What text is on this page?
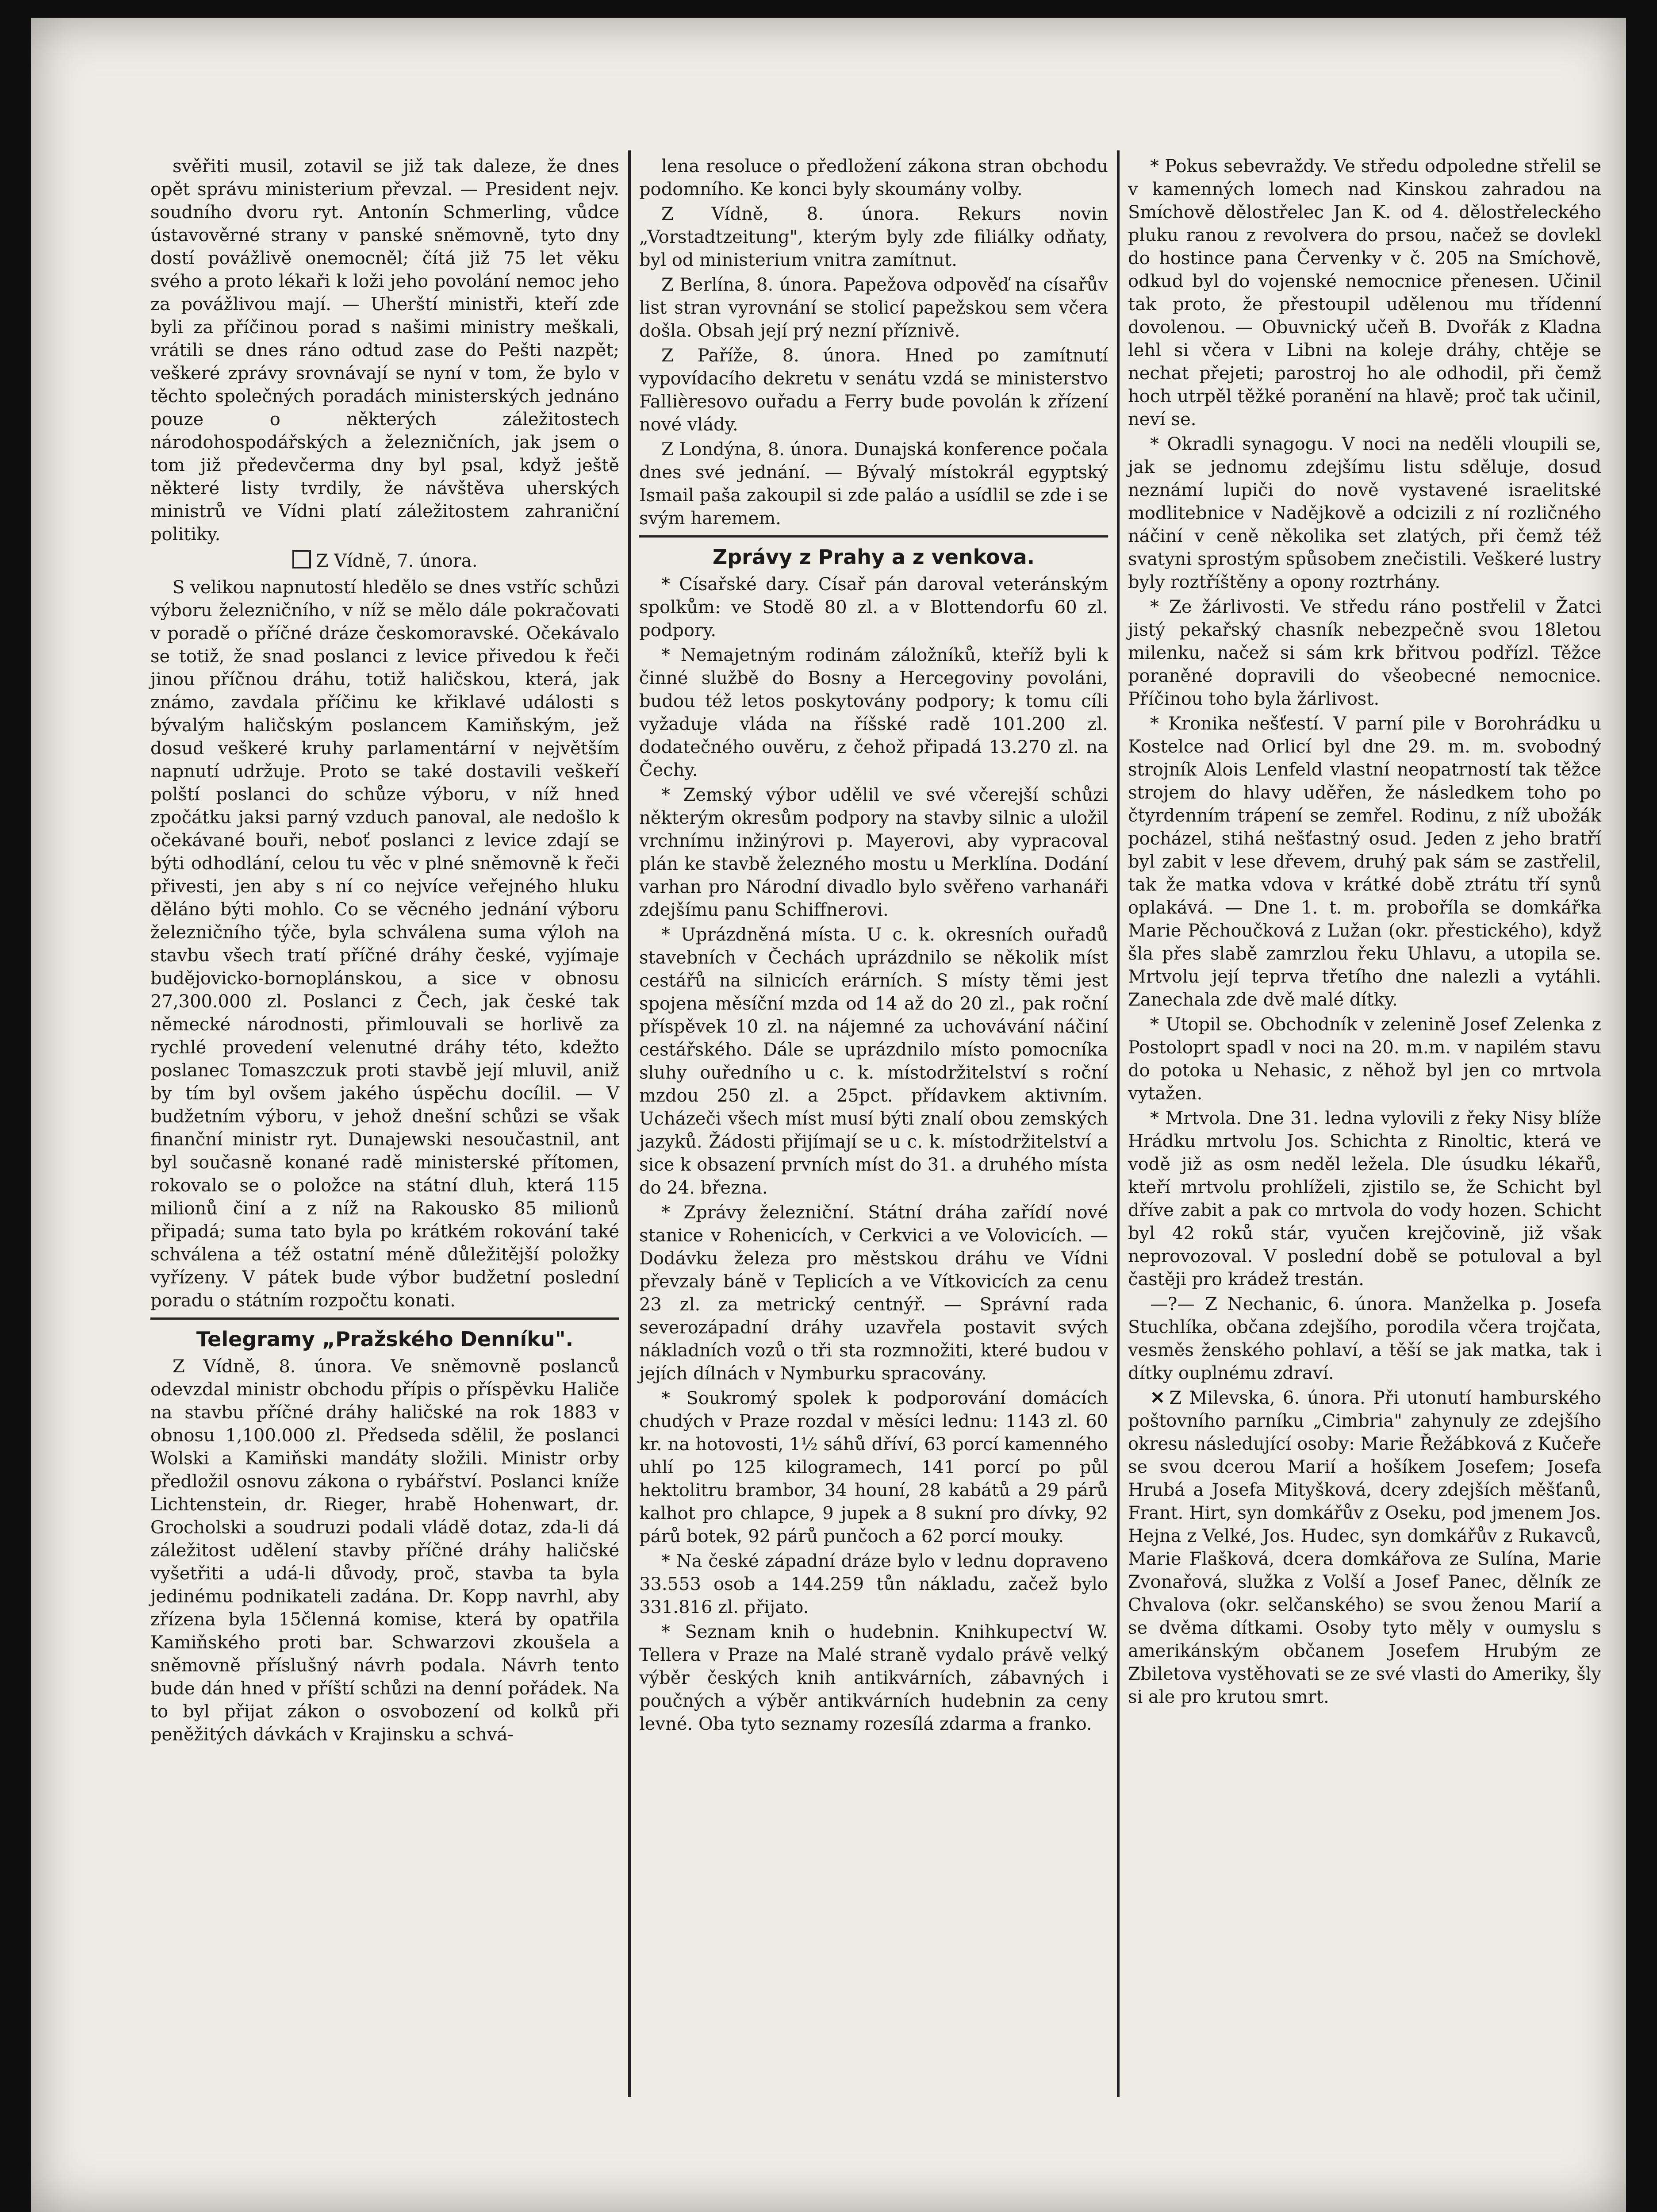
svěřiti musil, zotavil se již tak daleze, že dnes opět správu ministerium převzal. — President nejv. soudního dvoru ryt. Antonín Schmerling, vůdce ústavověrné strany v panské sněmovně, tyto dny dostí povážlivě onemocněl; čítá již 75 let věku svého a proto lékaři k loži jeho povolání nemoc jeho za povážlivou mají. — Uherští ministři, kteří zde byli za příčinou porad s našimi ministry meškali, vrátili se dnes ráno odtud zase do Pešti nazpět; veškeré zprávy srovnávají se nyní v tom, že bylo v těchto společných poradách ministerských jednáno pouze o některých záležitostech národohospodářských a železničních, jak jsem o tom již předevčerma dny byl psal, když ještě některé listy tvrdily, že návštěva uherských ministrů ve Vídni platí záležitostem zahraniční politiky.

Z Vídně, 7. února.

S velikou napnutostí hledělo se dnes vstříc schůzi výboru železničního, v níž se mělo dále pokračovati v poradě o příčné dráze českomoravské. Očekávalo se totiž, že snad poslanci z levice přivedou k řeči jinou příčnou dráhu, totiž haličskou, která, jak známo, zavdala příčinu ke křiklavé události s bývalým haličským poslancem Kamiňským, jež dosud veškeré kruhy parlamentární v největším napnutí udržuje. Proto se také dostavili veškeří polští poslanci do schůze výboru, v níž hned zpočátku jaksi parný vzduch panoval, ale nedošlo k očekávané bouři, neboť poslanci z levice zdají se býti odhodlání, celou tu věc v plné sněmovně k řeči přivesti, jen aby s ní co nejvíce veřejného hluku děláno býti mohlo. Co se věcného jednání výboru železničního týče, byla schválena suma výloh na stavbu všech tratí příčné dráhy české, vyjímaje budějovicko-bornoplánskou, a sice v obnosu 27,300.000 zl. Poslanci z Čech, jak české tak německé národnosti, přimlouvali se horlivě za rychlé provedení velenutné dráhy této, kdežto poslanec Tomaszczuk proti stavbě její mluvil, aniž by tím byl ovšem jakého úspěchu docílil. — V budžetním výboru, v jehož dnešní schůzi se však finanční ministr ryt. Dunajewski nesoučastnil, ant byl současně konané radě ministerské přítomen, rokovalo se o položce na státní dluh, která 115 milionů činí a z níž na Rakousko 85 milionů připadá; suma tato byla po krátkém rokování také schválena a též ostatní méně důležitější položky vyřízeny. V pátek bude výbor budžetní poslední poradu o státním rozpočtu konati.

Telegramy „Pražského Denníku".

Z Vídně, 8. února. Ve sněmovně poslanců odevzdal ministr obchodu přípis o příspěvku Haliče na stavbu příčné dráhy haličské na rok 1883 v obnosu 1,100.000 zl. Předseda sdělil, že poslanci Wolski a Kamiňski mandáty složili. Ministr orby předložil osnovu zákona o rybářství. Poslanci kníže Lichtenstein, dr. Rieger, hrabě Hohenwart, dr. Grocholski a soudruzi podali vládě dotaz, zda-li dá záležitost udělení stavby příčné dráhy haličské vyšetřiti a udá-li důvody, proč, stavba ta byla jedinému podnikateli zadána. Dr. Kopp navrhl, aby zřízena byla 15členná komise, která by opatřila Kamiňského proti bar. Schwarzovi zkoušela a sněmovně příslušný návrh podala. Návrh tento bude dán hned v příští schůzi na denní pořádek. Na to byl přijat zákon o osvobození od kolků při peněžitých dávkách v Krajinsku a schvá-

lena resoluce o předložení zákona stran obchodu podomního. Ke konci byly skoumány volby.

Z Vídně, 8. února. Rekurs novin „Vorstadtzeitung", kterým byly zde filiálky odňaty, byl od ministerium vnitra zamítnut.

Z Berlína, 8. února. Papežova odpověď na císařův list stran vyrovnání se stolicí papežskou sem včera došla. Obsah její prý nezní příznivě.

Z Paříže, 8. února. Hned po zamítnutí vypovídacího dekretu v senátu vzdá se ministerstvo Fallièresovo ouřadu a Ferry bude povolán k zřízení nové vlády.

Z Londýna, 8. února. Dunajská konference počala dnes své jednání. — Bývalý místokrál egyptský Ismail paša zakoupil si zde paláo a usídlil se zde i se svým haremem.

Zprávy z Prahy a z venkova.

* Císařské dary. Císař pán daroval veteránským spolkům: ve Stodě 80 zl. a v Blottendorfu 60 zl. podpory.

* Nemajetným rodinám záložníků, kteříž byli k činné službě do Bosny a Hercegoviny povoláni, budou též letos poskytovány podpory; k tomu cíli vyžaduje vláda na říšské radě 101.200 zl. dodatečného ouvěru, z čehož připadá 13.270 zl. na Čechy.

* Zemský výbor udělil ve své včerejší schůzi některým okresům podpory na stavby silnic a uložil vrchnímu inžinýrovi p. Mayerovi, aby vypracoval plán ke stavbě železného mostu u Merklína. Dodání varhan pro Národní divadlo bylo svěřeno varhanáři zdejšímu panu Schiffnerovi.

* Uprázdněná místa. U c. k. okresních ouřadů stavebních v Čechách uprázdnilo se několik míst cestářů na silnicích erárních. S místy těmi jest spojena měsíční mzda od 14 až do 20 zl., pak roční příspěvek 10 zl. na nájemné za uchovávání náčiní cestářského. Dále se uprázdnilo místo pomocníka sluhy ouředního u c. k. místodržitelství s roční mzdou 250 zl. a 25pct. přídavkem aktivním. Ucházeči všech míst musí býti znalí obou zemských jazyků. Žádosti přijímají se u c. k. místodržitelství a sice k obsazení prvních míst do 31. a druhého místa do 24. března.

* Zprávy železniční. Státní dráha zařídí nové stanice v Rohenicích, v Cerkvici a ve Volovicích. — Dodávku železa pro městskou dráhu ve Vídni převzaly báně v Teplicích a ve Vítkovicích za cenu 23 zl. za metrický centnýř. — Správní rada severozápadní dráhy uzavřela postavit svých nákladních vozů o tři sta rozmnožiti, které budou v jejích dílnách v Nymburku spracovány.

* Soukromý spolek k podporování domácích chudých v Praze rozdal v měsíci lednu: 1143 zl. 60 kr. na hotovosti, 1½ sáhů dříví, 63 porcí kamenného uhlí po 125 kilogramech, 141 porcí po půl hektolitru brambor, 34 houní, 28 kabátů a 29 párů kalhot pro chlapce, 9 jupek a 8 sukní pro dívky, 92 párů botek, 92 párů punčoch a 62 porcí mouky.

* Na české západní dráze bylo v lednu dopraveno 33.553 osob a 144.259 tůn nákladu, začež bylo 331.816 zl. přijato.

* Seznam knih o hudebnin. Knihkupectví W. Tellera v Praze na Malé straně vydalo právě velký výběr českých knih antikvárních, zábavných i poučných a výběr antikvárních hudebnin za ceny levné. Oba tyto seznamy rozesílá zdarma a franko.

* Pokus sebevraždy. Ve středu odpoledne střelil se v kamenných lomech nad Kinskou zahradou na Smíchově dělostřelec Jan K. od 4. dělostřeleckého pluku ranou z revolvera do prsou, načež se dovlekl do hostince pana Červenky v č. 205 na Smíchově, odkud byl do vojenské nemocnice přenesen. Učinil tak proto, že přestoupil udělenou mu třídenní dovolenou. — Obuvnický učeň B. Dvořák z Kladna lehl si včera v Libni na koleje dráhy, chtěje se nechat přejeti; parostroj ho ale odhodil, při čemž hoch utrpěl těžké poranění na hlavě; proč tak učinil, neví se.

* Okradli synagogu. V noci na neděli vloupili se, jak se jednomu zdejšímu listu sděluje, dosud neznámí lupiči do nově vystavené israelitské modlitebnice v Nadějkově a odcizili z ní rozličného náčiní v ceně několika set zlatých, při čemž též svatyni sprostým spůsobem znečistili. Veškeré lustry byly roztříštěny a opony roztrhány.

* Ze žárlivosti. Ve středu ráno postřelil v Žatci jistý pekařský chasník nebezpečně svou 18letou milenku, načež si sám krk břitvou podřízl. Těžce poraněné dopravili do všeobecné nemocnice. Příčinou toho byla žárlivost.

* Kronika nešťestí. V parní pile v Borohrádku u Kostelce nad Orlicí byl dne 29. m. m. svobodný strojník Alois Lenfeld vlastní neopatrností tak těžce strojem do hlavy uděřen, že následkem toho po čtyrdenním trápení se zemřel. Rodinu, z níž ubožák pocházel, stihá nešťastný osud. Jeden z jeho bratří byl zabit v lese dřevem, druhý pak sám se zastřelil, tak že matka vdova v krátké době ztrátu tří synů oplakává. — Dne 1. t. m. proboříla se domkářka Marie Pěchoučková z Lužan (okr. přestického), když šla přes slabě zamrzlou řeku Uhlavu, a utopila se. Mrtvolu její teprva třetího dne nalezli a vytáhli. Zanechala zde dvě malé dítky.

* Utopil se. Obchodník v zelenině Josef Zelenka z Postoloprt spadl v noci na 20. m.m. v napilém stavu do potoka u Nehasic, z něhož byl jen co mrtvola vytažen.

* Mrtvola. Dne 31. ledna vylovili z řeky Nisy blíže Hrádku mrtvolu Jos. Schichta z Rinoltic, která ve vodě již as osm neděl ležela. Dle úsudku lékařů, kteří mrtvolu prohlíželi, zjistilo se, že Schicht byl dříve zabit a pak co mrtvola do vody hozen. Schicht byl 42 roků stár, vyučen krejčovině, již však neprovozoval. V poslední době se potuloval a byl častěji pro krádež trestán.

—?— Z Nechanic, 6. února. Manželka p. Josefa Stuchlíka, občana zdejšího, porodila včera trojčata, vesměs ženského pohlaví, a těší se jak matka, tak i dítky ouplnému zdraví.

✕ Z Milevska, 6. února. Při utonutí hamburského poštovního parníku „Cimbria" zahynuly ze zdejšího okresu následující osoby: Marie Řežábková z Kučeře se svou dcerou Marií a hošíkem Josefem; Josefa Hrubá a Josefa Mityšková, dcery zdejších měšťanů, Frant. Hirt, syn domkářův z Oseku, pod jmenem Jos. Hejna z Velké, Jos. Hudec, syn domkářův z Rukavců, Marie Flašková, dcera domkářova ze Sulína, Marie Zvonařová, služka z Volší a Josef Panec, dělník ze Chvalova (okr. selčanského) se svou ženou Marií a se dvěma dítkami. Osoby tyto měly v oumyslu s amerikánským občanem Josefem Hrubým ze Zbiletova vystěhovati se ze své vlasti do Ameriky, šly si ale pro krutou smrt.
